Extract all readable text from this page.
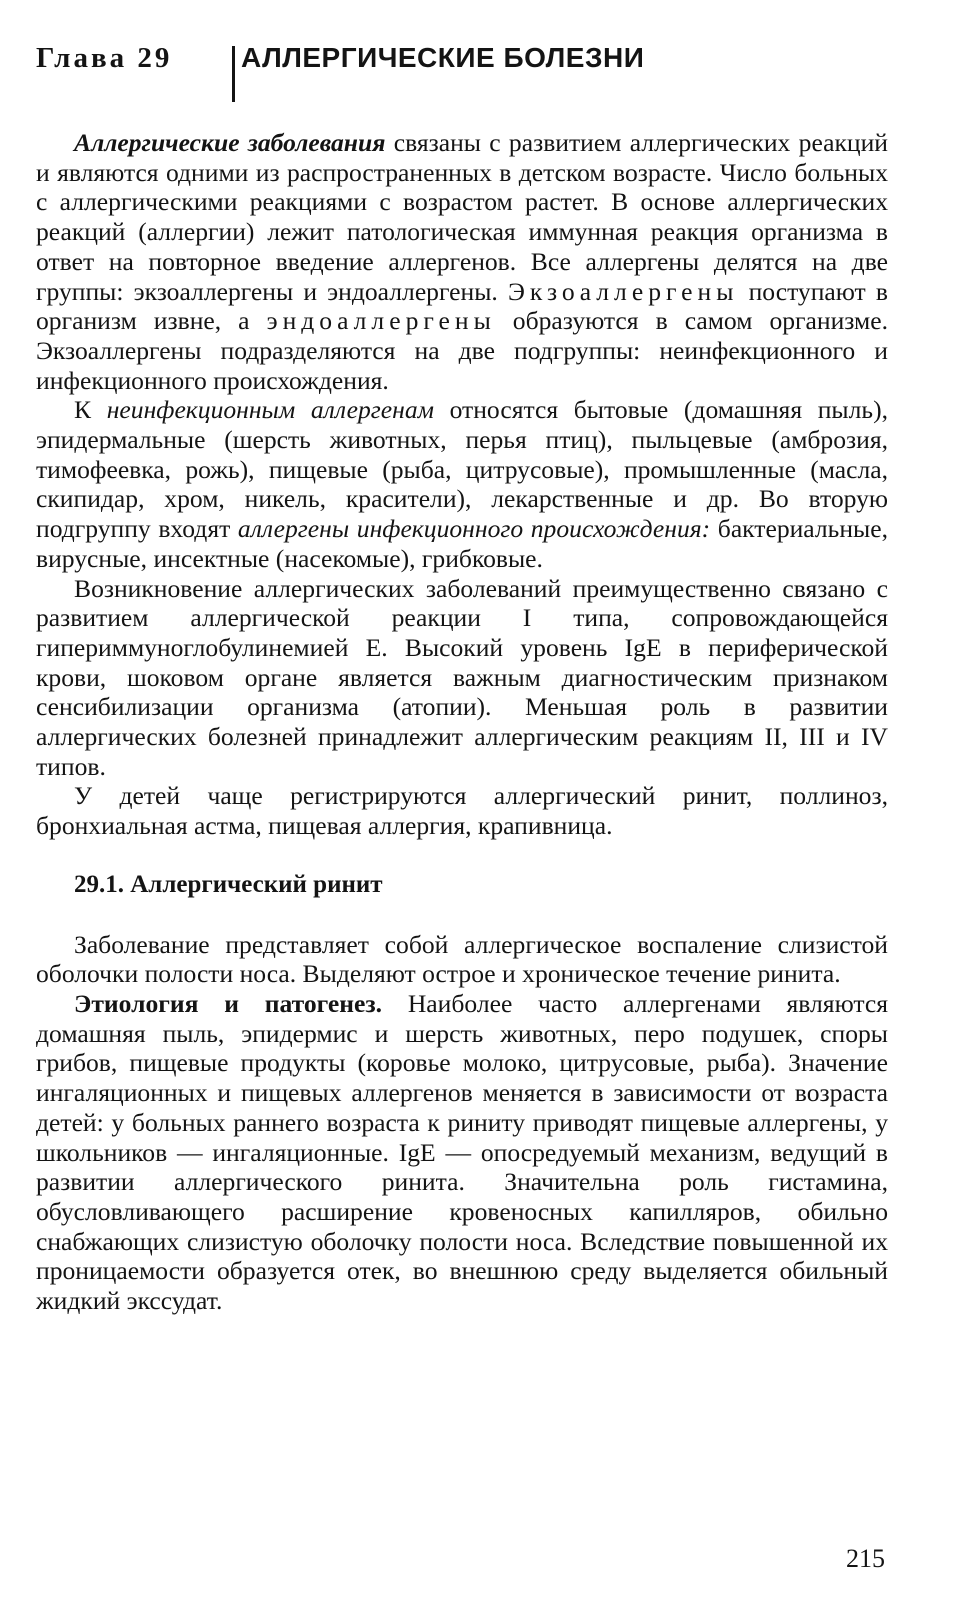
Глава 29 АЛЛЕРГИЧЕСКИЕ БОЛЕЗНИ

Аллергические заболевания связаны с развитием аллергических реакций и являются одними из распространенных в детском возрасте. Число больных с аллергическими реакциями с возрастом растет. В основе аллергических реакций (аллергии) лежит патологическая иммунная реакция организма в ответ на повторное введение аллергенов. Все аллергены делятся на две группы: экзоаллергены и эндоаллергены. Экзоаллергены поступают в организм извне, а эндоаллергены образуются в самом организме. Экзоаллергены подразделяются на две подгруппы: неинфекционного и инфекционного происхождения.

К неинфекционным аллергенам относятся бытовые (домашняя пыль), эпидермальные (шерсть животных, перья птиц), пыльцевые (амброзия, тимофеевка, рожь), пищевые (рыба, цитрусовые), промышленные (масла, скипидар, хром, никель, красители), лекарственные и др. Во вторую подгруппу входят аллергены инфекционного происхождения: бактериальные, вирусные, инсектные (насекомые), грибковые.

Возникновение аллергических заболеваний преимущественно связано с развитием аллергической реакции I типа, сопровождающейся гипериммуноглобулинемией Е. Высокий уровень IgE в периферической крови, шоковом органе является важным диагностическим признаком сенсибилизации организма (атопии). Меньшая роль в развитии аллергических болезней принадлежит аллергическим реакциям II, III и IV типов.

У детей чаще регистрируются аллергический ринит, поллиноз, бронхиальная астма, пищевая аллергия, крапивница.

29.1. Аллергический ринит

Заболевание представляет собой аллергическое воспаление слизистой оболочки полости носа. Выделяют острое и хроническое течение ринита.

Этиология и патогенез. Наиболее часто аллергенами являются домашняя пыль, эпидермис и шерсть животных, перо подушек, споры грибов, пищевые продукты (коровье молоко, цитрусовые, рыба). Значение ингаляционных и пищевых аллергенов меняется в зависимости от возраста детей: у больных раннего возраста к риниту приводят пищевые аллергены, у школьников — ингаляционные. IgE — опосредуемый механизм, ведущий в развитии аллергического ринита. Значительна роль гистамина, обусловливающего расширение кровеносных капилляров, обильно снабжающих слизистую оболочку полости носа. Вследствие повышенной их проницаемости образуется отек, во внешнюю среду выделяется обильный жидкий экссудат.

215
